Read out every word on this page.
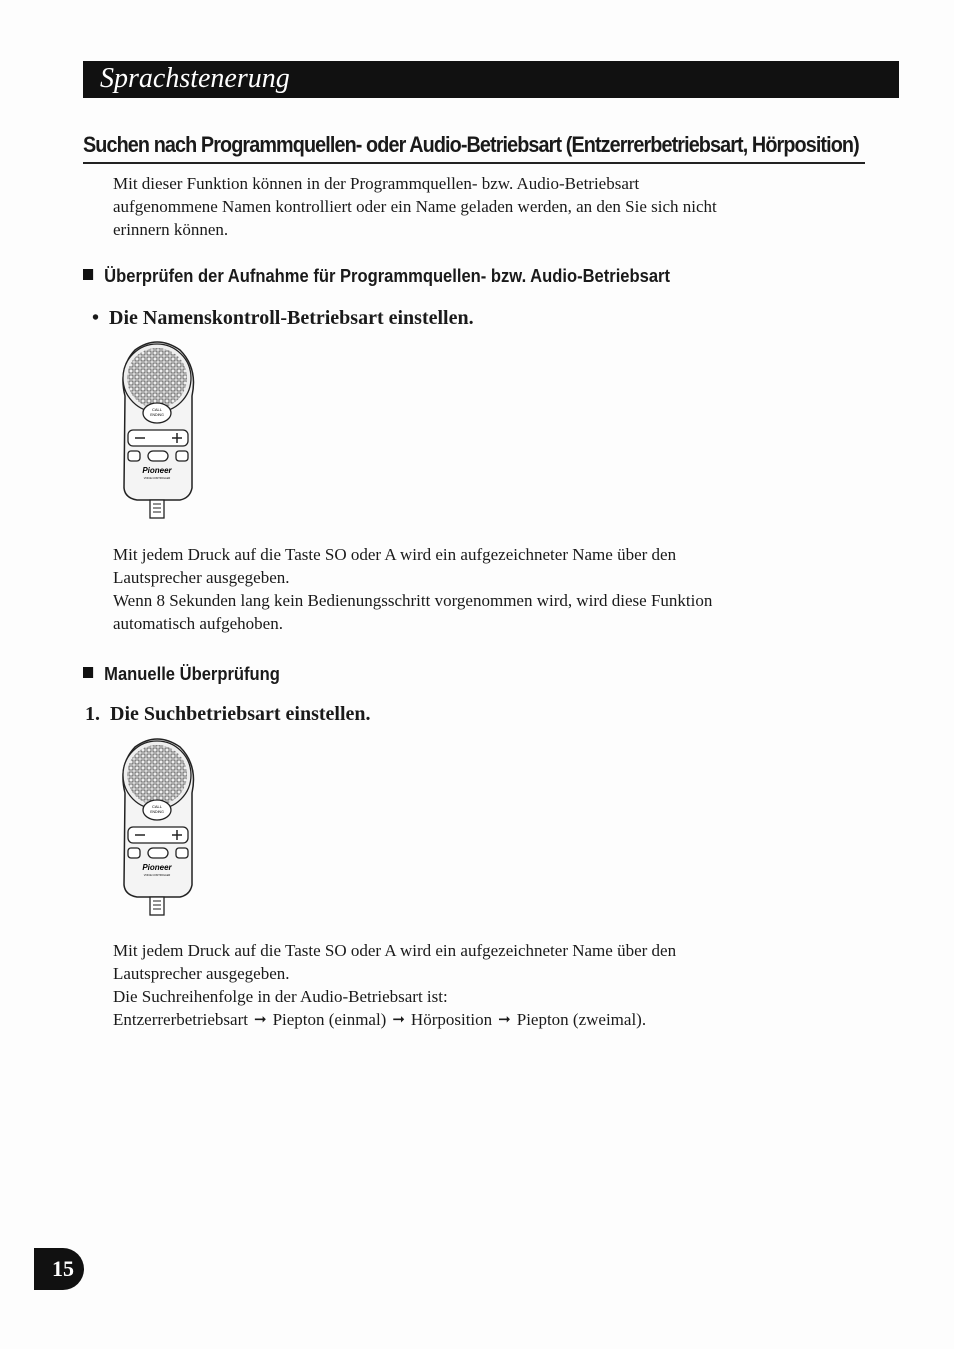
Sprachstenerung
Suchen nach Programmquellen- oder Audio-Betriebsart (Entzerrerbetriebsart, Hörposition)
Mit dieser Funktion können in der Programmquellen- bzw. Audio-Betriebsart
aufgenommene Namen kontrolliert oder ein Name geladen werden, an den Sie sich nicht
erinnern können.
Überprüfen der Aufnahme für Programmquellen- bzw. Audio-Betriebsart
• Die Namenskontroll-Betriebsart einstellen.
CALL
ENDING
Pioneer
VOICE CONTROLLER
Mit jedem Druck auf die Taste SO oder A wird ein aufgezeichneter Name über den
Lautsprecher ausgegeben.
Wenn 8 Sekunden lang kein Bedienungsschritt vorgenommen wird, wird diese Funktion
automatisch aufgehoben.
Manuelle Überprüfung
1. Die Suchbetriebsart einstellen.
CALL
ENDING
Pioneer
VOICE CONTROLLER
Mit jedem Druck auf die Taste SO oder A wird ein aufgezeichneter Name über den
Lautsprecher ausgegeben.
Die Suchreihenfolge in der Audio-Betriebsart ist:
Entzerrerbetriebsart ➞ Piepton (einmal) ➞ Hörposition ➞ Piepton (zweimal).
15
